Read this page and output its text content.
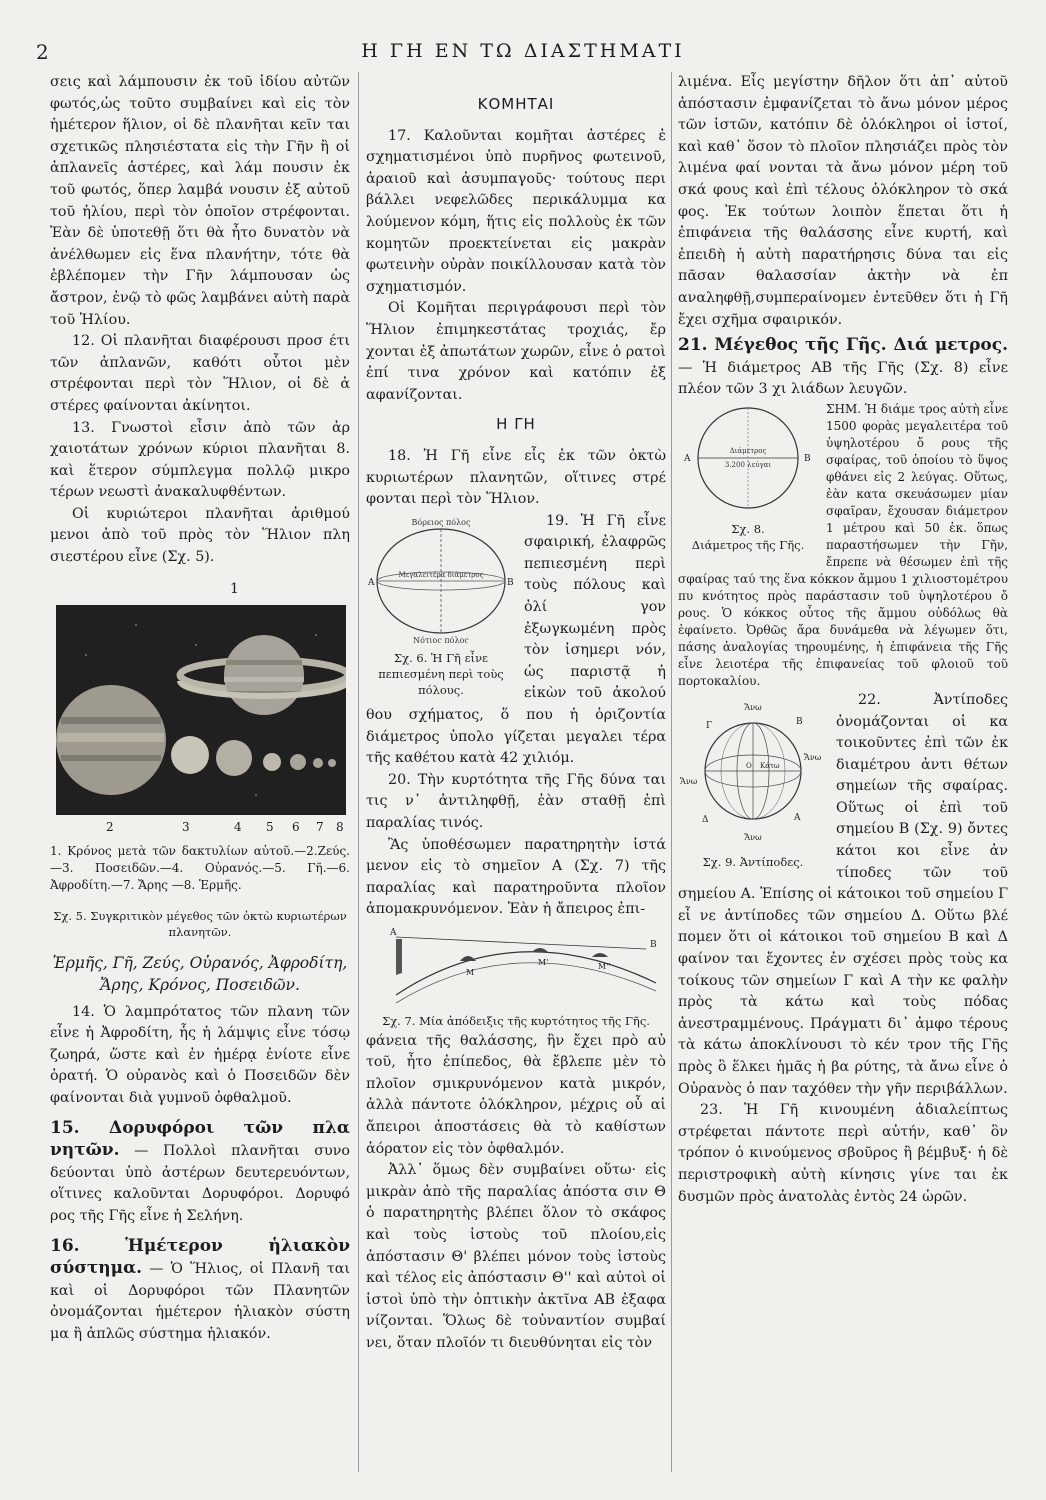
2	Η ΓΗ ΕΝ ΤΩ ΔΙΑΣΤΗΜΑΤΙ

σεις καὶ λάμπουσιν ἐκ τοῦ ἰδίου αὐτῶν φωτός,ὡς τοῦτο συμβαίνει καὶ εἰς τὸν ἡμέτερον ἥλιον, οἱ δὲ πλανῆται κεῖν ται σχετικῶς πλησιέστατα εἰς τὴν Γῆν ἢ οἱ ἀπλανεῖς ἀστέρες, καὶ λάμ πουσιν ἐκ τοῦ φωτός, ὅπερ λαμβά νουσιν ἐξ αὐτοῦ τοῦ ἡλίου, περὶ τὸν ὁποῖον στρέφονται. Ἐὰν δὲ ὑποτεθῇ ὅτι θὰ ἦτο δυνατὸν νὰ ἀνέλθωμεν εἰς ἕνα πλανήτην, τότε θὰ ἐβλέπομεν τὴν Γῆν λάμπουσαν ὡς ἄστρον, ἐνῷ τὸ φῶς λαμβάνει αὐτὴ παρὰ τοῦ Ἡλίου.

12. Οἱ πλανῆται διαφέρουσι προσ έτι τῶν ἀπλανῶν, καθότι οὗτοι μὲν στρέφονται περὶ τὸν Ἥλιον, οἱ δὲ ἀ στέρες φαίνονται ἀκίνητοι.

13. Γνωστοὶ εἶσιν ἀπὸ τῶν ἀρ χαιοτάτων χρόνων κύριοι πλανῆται 8. καὶ ἕτερον σύμπλεγμα πολλῷ μικρο τέρων νεωστὶ ἀνακαλυφθέντων.

Οἱ κυριώτεροι πλανῆται ἀριθμού μενοι ἀπὸ τοῦ πρὸς τὸν Ἥλιον πλη σιεστέρου εἶνε (Σχ. 5).

1
2	3	4 5 6 7 8

1. Κρόνος μετὰ τῶν δακτυλίων αὐτοῦ.—2.Ζεύς. —3. Ποσειδῶν.—4. Οὐρανός.—5. Γῆ.—6. Ἀφροδίτη.—7. Ἄρης —8. Ἑρμῆς.

Σχ. 5. Συγκριτικὸν μέγεθος τῶν ὀκτὼ κυριωτέρων πλανητῶν.

Ἑρμῆς, Γῆ, Ζεύς, Οὐρανός, Ἀφροδίτη, Ἄρης, Κρόνος, Ποσειδῶν.

14. Ὁ λαμπρότατος τῶν πλανη τῶν εἶνε ἡ Ἀφροδίτη, ἧς ἡ λάμψις εἶνε τόσῳ ζωηρά, ὥστε καὶ ἐν ἡμέρᾳ ἐνίοτε εἶνε ὁρατή. Ὁ οὐρανὸς καὶ ὁ Ποσειδῶν δὲν φαίνονται διὰ γυμνοῦ ὀφθαλμοῦ.

15. Δορυφόροι τῶν πλα νητῶν. — Πολλοὶ πλανῆται συνο δεύονται ὑπὸ ἀστέρων δευτερευόντων, οἵτινες καλοῦνται Δορυφόροι. Δορυφό ρος τῆς Γῆς εἶνε ἡ Σελήνη.

16. Ἡμέτερον ἡλιακὸν σύστημα. — Ὁ Ἥλιος, οἱ Πλανῆ ται καὶ οἱ Δορυφόροι τῶν Πλανητῶν ὀνομάζονται ἡμέτερον ἡλιακὸν σύστη μα ἢ ἁπλῶς σύστημα ἡλιακόν.

ΚΟΜΗΤΑΙ

17. Καλοῦνται κομῆται ἀστέρες ἐ σχηματισμένοι ὑπὸ πυρῆνος φωτεινοῦ, ἀραιοῦ καὶ ἀσυμπαγοῦς· τούτους περι βάλλει νεφελῶδες περικάλυμμα κα λούμενον κόμη, ἥτις εἰς πολλοὺς ἐκ τῶν κομητῶν προεκτείνεται εἰς μακρὰν φωτεινὴν οὐρὰν ποικίλλουσαν κατὰ τὸν σχηματισμόν.

Οἱ Κομῆται περιγράφουσι περὶ τὸν Ἥλιον ἐπιμηκεστάτας τροχιάς, ἔρ χονται ἐξ ἀπωτάτων χωρῶν, εἶνε ὁ ρατοὶ ἐπί τινα χρόνον καὶ κατόπιν ἐξ αφανίζονται.

Η ΓΗ

18. Ἡ Γῆ εἶνε εἷς ἐκ τῶν ὀκτὼ κυριωτέρων πλανητῶν, οἵτινες στρέ φονται περὶ τὸν Ἥλιον.

Βόρειος πόλος
Μεγαλειτέρα διάμετρος
Α	Β
Νότιος πόλος

Σχ. 6. Ἡ Γῆ εἶνε πεπιεσμένη περὶ τοὺς πόλους.

19. Ἡ Γῆ εἶνε σφαιρική, ἐλαφρῶς πεπιεσμένη περὶ τοὺς πόλους καὶ ὀλί γον ἐξωγκωμένη πρὸς τὸν ἰσημερι νόν, ὡς παριστᾷ ἡ εἰκὼν τοῦ ἀκολού θου σχήματος, ὅ που ἡ ὁριζοντία διάμετρος ὑπολο γίζεται μεγαλει τέρα τῆς καθέτου κατὰ 42 χιλιόμ.

20. Τὴν κυρτότητα τῆς Γῆς δύνα ται τις ν᾿ ἀντιληφθῇ, ἐὰν σταθῇ ἐπὶ παραλίας τινός.

Ἂς ὑποθέσωμεν παρατηρητὴν ἱστά μενον εἰς τὸ σημεῖον Α (Σχ. 7) τῆς παραλίας καὶ παρατηροῦντα πλοῖον ἀπομακρυνόμενον. Ἐὰν ἡ ἄπειρος ἐπι-

Α
Β
Μ
Μ'	Μ''

Σχ. 7. Μία ἀπόδειξις τῆς κυρτότητος τῆς Γῆς.

φάνεια τῆς θαλάσσης, ἣν ἔχει πρὸ αὐ τοῦ, ἦτο ἐπίπεδος, θὰ ἔβλεπε μὲν τὸ πλοῖον σμικρυνόμενον κατὰ μικρόν, ἀλλὰ πάντοτε ὁλόκληρον, μέχρις οὗ αἱ ἄπειροι ἀποστάσεις θὰ τὸ καθίστων ἀόρατον εἰς τὸν ὀφθαλμόν.

Ἀλλ᾿ ὅμως δὲν συμβαίνει οὕτω· εἰς μικρὰν ἀπὸ τῆς παραλίας ἀπόστα σιν Θ ὁ παρατηρητὴς βλέπει ὅλον τὸ σκάφος καὶ τοὺς ἱστοὺς τοῦ πλοίου,εἰς ἀπόστασιν Θ' βλέπει μόνον τοὺς ἱστοὺς καὶ τέλος εἰς ἀπόστασιν Θ'' καὶ αὐτοὶ οἱ ἱστοὶ ὑπὸ τὴν ὀπτικὴν ἀκτῖνα ΑΒ ἐξαφα νίζονται. Ὅλως δὲ τοὐναντίον συμβαί νει, ὅταν πλοῖόν τι διευθύνηται εἰς τὸν

λιμένα. Εἶς μεγίστην δῆλον ὅτι ἀπ᾿ αὐτοῦ ἀπόστασιν ἐμφανίζεται τὸ ἄνω μόνον μέρος τῶν ἱστῶν, κατόπιν δὲ ὁλόκληροι οἱ ἱστοί, καὶ καθ᾿ ὅσον τὸ πλοῖον πλησιάζει πρὸς τὸν λιμένα φαί νονται τὰ ἄνω μόνον μέρη τοῦ σκά φους καὶ ἐπὶ τέλους ὁλόκληρον τὸ σκά φος. Ἐκ τούτων λοιπὸν ἕπεται ὅτι ἡ ἐπιφάνεια τῆς θαλάσσης εἶνε κυρτή, καὶ ἐπειδὴ ἡ αὐτὴ παρατήρησις δύνα ται εἰς πᾶσαν θαλασσίαν ἀκτὴν νὰ ἐπ αναληφθῇ,συμπεραίνομεν ἐντεῦθεν ὅτι ἡ Γῆ ἔχει σχῆμα σφαιρικόν.

21. Μέγεθος τῆς Γῆς. Διά μετρος. — Ἡ διάμετρος ΑΒ τῆς Γῆς (Σχ. 8) εἶνε πλέον τῶν 3 χι λιάδων λευγῶν.

Διάμετρος
3.200 λεύγαι
Α	Β

Σχ. 8.

Διάμετρος τῆς Γῆς.

ΣΗΜ. Ἡ διάμε τρος αὐτὴ εἶνε 1500 φορὰς μεγαλειτέρα τοῦ ὑψηλοτέρου ὄ ρους τῆς σφαίρας, τοῦ ὁποίου τὸ ὕψος φθάνει εἰς 2 λεύγας. Οὕτως, ἐὰν κατα σκευάσωμεν μίαν σφαῖραν, ἔχουσαν διάμετρον 1 μέτρου καὶ 50 ἑκ. ὅπως παραστήσωμεν τὴν Γῆν, ἔπρεπε νὰ θέσωμεν ἐπὶ τῆς σφαίρας ταύ της ἕνα κόκκον ἄμμου 1 χιλιοστομέτρου πυ κνότητος πρὸς παράστασιν τοῦ ὑψηλοτέρου ὄ ρους. Ὁ κόκκος οὗτος τῆς ἄμμου οὐδόλως θὰ ἐφαίνετο. Ὀρθῶς ἄρα δυνάμεθα νὰ λέγωμεν ὅτι, πάσης ἀναλογίας τηρουμένης, ἡ ἐπιφάνεια τῆς Γῆς εἶνε λειοτέρα τῆς ἐπιφανείας τοῦ φλοιοῦ τοῦ πορτοκαλίου.

Ἄνω
Ἄνω
Ἄνω
Ἄνω
Κάτω
Ο
Γ	Β
Α
Δ

Σχ. 9. Ἀντίποδες.

22. Ἀντίποδες ὀνομάζονται οἱ κα τοικοῦντες ἐπὶ τῶν ἐκ διαμέτρου ἀντι θέτων σημείων τῆς σφαίρας. Οὕτως οἱ ἐπὶ τοῦ σημείου Β (Σχ. 9) ὄντες κάτοι κοι εἶνε ἀν τίποδες τῶν τοῦ σημείου Α. Ἐπίσης οἱ κάτοικοι τοῦ σημείου Γ εἶ νε ἀντίποδες τῶν σημείου Δ. Οὕτω βλέ πομεν ὅτι οἱ κάτοικοι τοῦ σημείου Β καὶ Δ φαίνον ται ἔχοντες ἐν σχέσει πρὸς τοὺς κα τοίκους τῶν σημείων Γ καὶ Α τὴν κε φαλὴν πρὸς τὰ κάτω καὶ τοὺς πόδας ἀνεστραμμένους. Πράγματι δι᾿ ἀμφο τέρους τὰ κάτω ἀποκλίνουσι τὸ κέν τρον τῆς Γῆς πρὸς ὃ ἕλκει ἡμᾶς ἡ βα ρύτης, τὰ ἄνω εἶνε ὁ Οὐρανὸς ὁ παν ταχόθεν τὴν γῆν περιβάλλων.

23. Ἡ Γῆ κινουμένη ἀδιαλείπτως στρέφεται πάντοτε περὶ αὐτήν, καθ᾿ ὃν τρόπον ὁ κινούμενος σβοῦρος ἢ βέμβυξ· ἡ δὲ περιστροφικὴ αὐτὴ κίνησις γίνε ται ἐκ δυσμῶν πρὸς ἀνατολὰς ἐντὸς 24 ὡρῶν.
